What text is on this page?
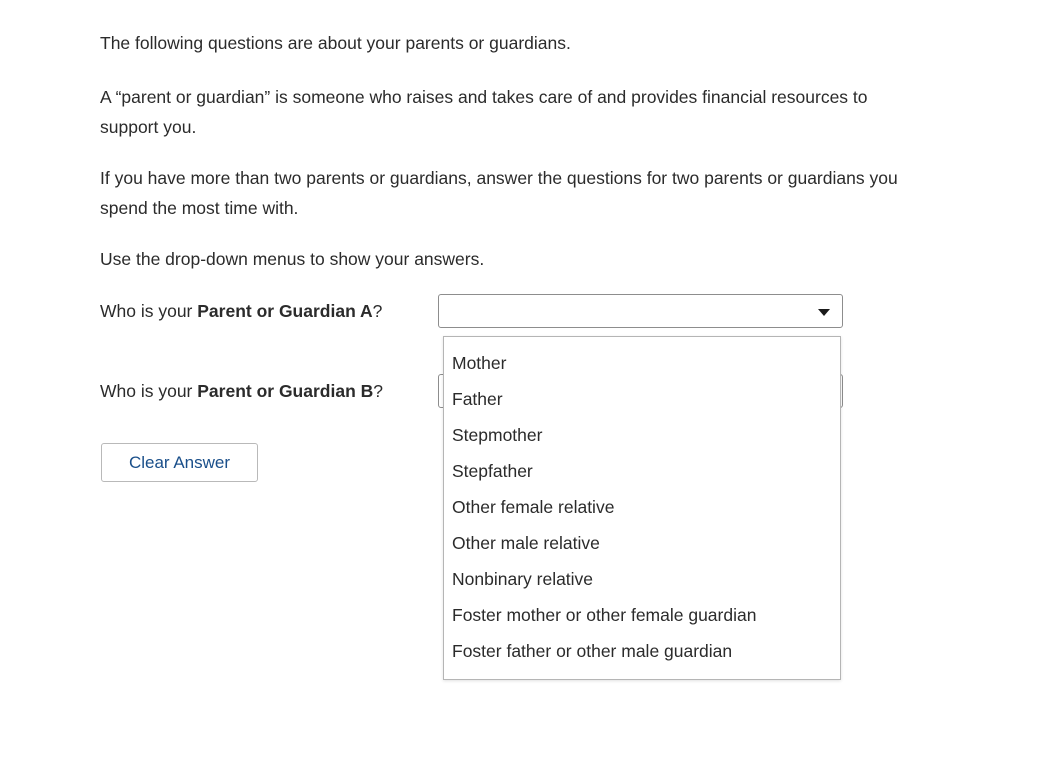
The following questions are about your parents or guardians.
A “parent or guardian” is someone who raises and takes care of and provides financial resources to support you.
If you have more than two parents or guardians, answer the questions for two parents or guardians you spend the most time with.
Use the drop-down menus to show your answers.
Who is your Parent or Guardian A?
Who is your Parent or Guardian B?
Mother
Father
Stepmother
Stepfather
Other female relative
Other male relative
Nonbinary relative
Foster mother or other female guardian
Foster father or other male guardian
Clear Answer
